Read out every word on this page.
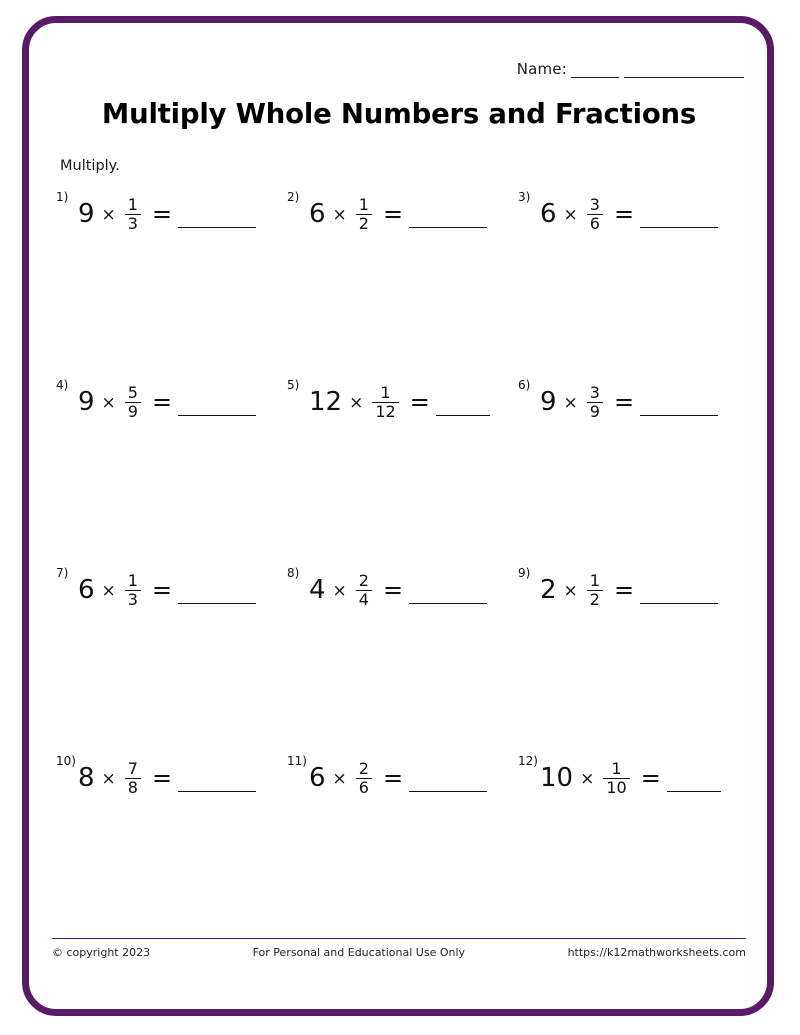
Name:
Multiply Whole Numbers and Fractions
Multiply.
1)
$9 \times \frac{1}{3}$ =
2)
$6 \times \frac{1}{2}$ =
3)
$6 \times \frac{3}{6}$ =
4)
$9 \times \frac{5}{9}$ =
5)
$12 \times \frac{1}{12}$ =
6)
$9 \times \frac{3}{9}$ =
7)
$6 \times \frac{1}{3}$ =
8)
$4 \times \frac{2}{4}$ =
9)
$2 \times \frac{1}{2}$ =
10)
$8 \times \frac{7}{8}$ =
11)
$6 \times \frac{2}{6}$ =
12)
$10 \times \frac{1}{10}$ =
© copyright 2023	For Personal and Educational Use Only	https://k12mathworksheets.com
